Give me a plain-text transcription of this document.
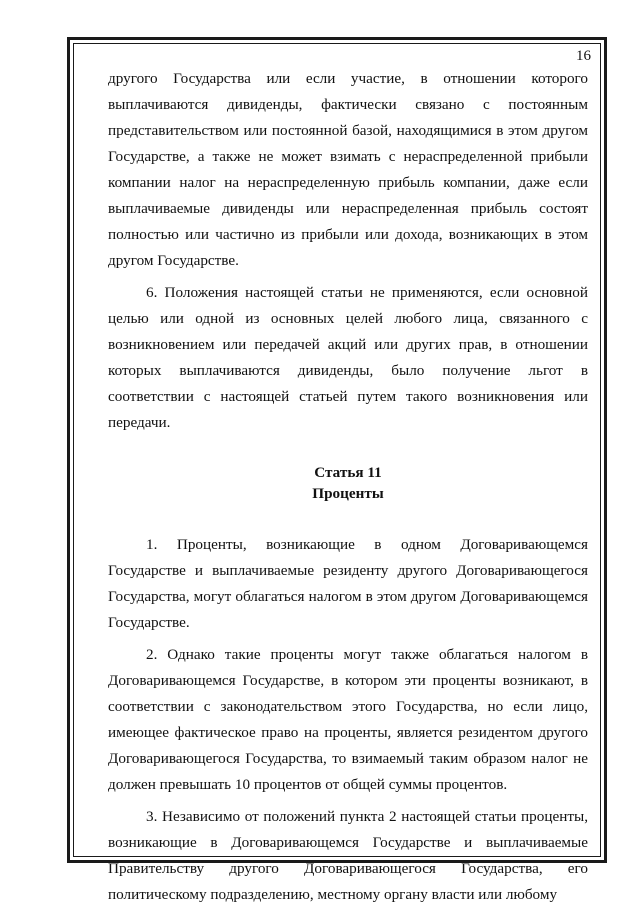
16

другого Государства или если участие, в отношении которого выплачиваются дивиденды, фактически связано с постоянным представительством или постоянной базой, находящимися в этом другом Государстве, а также не может взимать с нераспределенной прибыли компании налог на нераспределенную прибыль компании, даже если выплачиваемые дивиденды или нераспределенная прибыль состоят полностью или частично из прибыли или дохода, возникающих в этом другом Государстве.

6. Положения настоящей статьи не применяются, если основной целью или одной из основных целей любого лица, связанного с возникновением или передачей акций или других прав, в отношении которых выплачиваются дивиденды, было получение льгот в соответствии с настоящей статьей путем такого возникновения или передачи.

Статья 11
Проценты

1. Проценты, возникающие в одном Договаривающемся Государстве и выплачиваемые резиденту другого Договаривающегося Государства, могут облагаться налогом в этом другом Договаривающемся Государстве.

2. Однако такие проценты могут также облагаться налогом в Договаривающемся Государстве, в котором эти проценты возникают, в соответствии с законодательством этого Государства, но если лицо, имеющее фактическое право на проценты, является резидентом другого Договаривающегося Государства, то взимаемый таким образом налог не должен превышать 10 процентов от общей суммы процентов.

3. Независимо от положений пункта 2 настоящей статьи проценты, возникающие в Договаривающемся Государстве и выплачиваемые Правительству другого Договаривающегося Государства, его политическому подразделению, местному органу власти или любому
